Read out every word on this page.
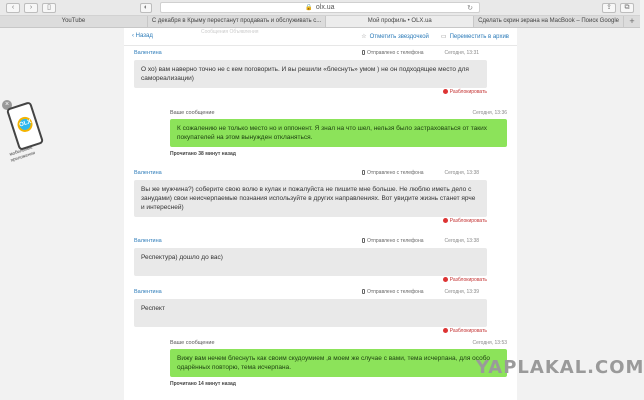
‹	›	▯	🔒 olx.ua	↻
◐	⇪	⧉
YouTube	С декабря в Крыму перестанут продавать и обслуживать с...	Мой профиль • OLX.ua	Сделать скрин экрана на MacBook – Поиск Google	+
×
OLX
мобильные приложения
Сообщения Объявления
‹ Назад	☆ Отметить звездочкой ▭ Переместить в архив
Валентина	Отправлено с телефона	Сегодня, 13:31
О хо) вам наверно точно не с кем поговорить. И вы решили «блеснуть» умом ) не он подходящее место для самореализации)
Разблокировать
Ваше сообщение	Сегодня, 13:36
К сожалению не только место но и оппонент. Я знал на что шел, нельзя было застраховаться от таких покупателей на этом вынужден откланяться.
Прочитано 38 минут назад
Валентина	Отправлено с телефона	Сегодня, 13:38
Вы же мужчина?) соберите свою волю в кулак и пожалуйста не пишите мне больше. Не люблю иметь дело с занудами) свои неисчерпаемые познания используйте в других направлениях. Вот увидите жизнь станет ярче и интересней)
Разблокировать
Валентина	Отправлено с телефона	Сегодня, 13:38
Респектура) дошло до вас)
Разблокировать
Валентина	Отправлено с телефона	Сегодня, 13:39
Респект
Разблокировать
Ваше сообщение	Сегодня, 13:53
Вижу вам нечем блеснуть как своим скудоумием ,в моем же случае с вами, тема исчерпана, для особо одарённых повторю, тема исчерпана.
Прочитано 14 минут назад
YAPLAKAL.COM
